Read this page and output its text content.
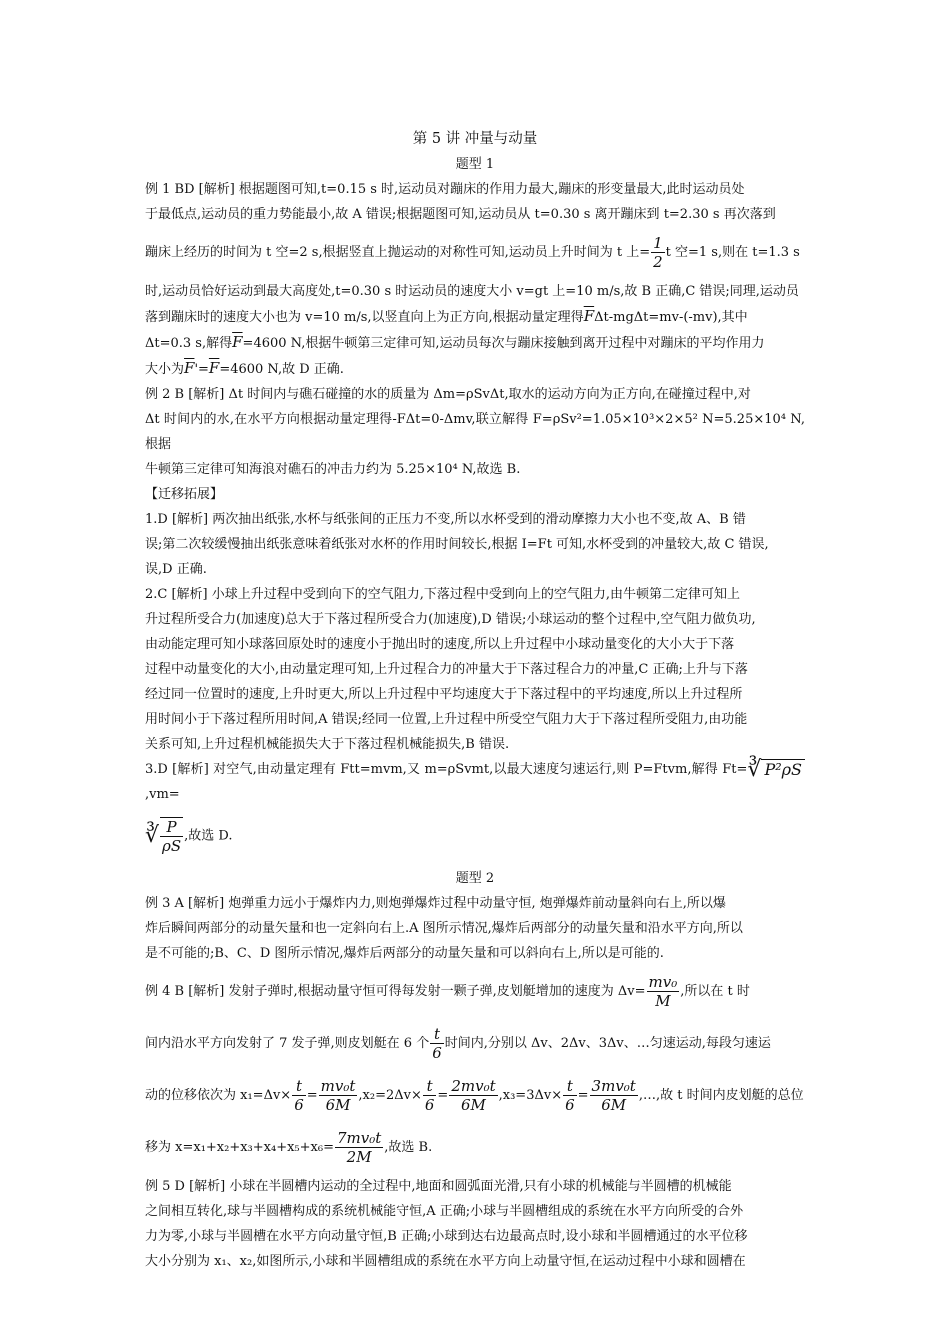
第 5 讲 冲量与动量
题型 1

例 1 BD [解析] 根据题图可知,t=0.15 s 时,运动员对蹦床的作用力最大,蹦床的形变量最大,此时运动员处

于最低点,运动员的重力势能最小,故 A 错误;根据题图可知,运动员从 t=0.30 s 离开蹦床到 t=2.30 s 再次落到

蹦床上经历的时间为 t 空=2 s,根据竖直上抛运动的对称性可知,运动员上升时间为 t 上= $\frac{1}{2}$ t 空=1 s,则在 t=1.3 s

时,运动员恰好运动到最大高度处,t=0.30 s 时运动员的速度大小 v=gt 上=10 m/s,故 B 正确,C 错误;同理,运动员

落到蹦床时的速度大小也为 v=10 m/s,以竖直向上为正方向,根据动量定理得$\overline{F}\Delta t-mg\Delta t=mv-(-mv)$,其中

Δt=0.3 s,解得$\overline{F}=4600$ N,根据牛顿第三定律可知,运动员每次与蹦床接触到离开过程中对蹦床的平均作用力

大小为$\overline{F}'=\overline{F}=4600$ N,故 D 正确.

例 2 B [解析] Δt 时间内与礁石碰撞的水的质量为 Δm=ρSvΔt,取水的运动方向为正方向,在碰撞过程中,对

Δt 时间内的水,在水平方向根据动量定理得-FΔt=0-Δmv,联立解得 F=ρSv²=1.05×10³×2×5² N=5.25×10⁴ N,根据

牛顿第三定律可知海浪对礁石的冲击力约为 5.25×10⁴ N,故选 B.

【迁移拓展】

1.D [解析] 两次抽出纸张,水杯与纸张间的正压力不变,所以水杯受到的滑动摩擦力大小也不变,故 A、B 错

误;第二次较缓慢抽出纸张意味着纸张对水杯的作用时间较长,根据 I=Ft 可知,水杯受到的冲量较大,故 C 错误,

误,D 正确.

2.C [解析] 小球上升过程中受到向下的空气阻力,下落过程中受到向上的空气阻力,由牛顿第二定律可知上

升过程所受合力(加速度)总大于下落过程所受合力(加速度),D 错误;小球运动的整个过程中,空气阻力做负功,

由动能定理可知小球落回原处时的速度小于抛出时的速度,所以上升过程中小球动量变化的大小大于下落

过程中动量变化的大小,由动量定理可知,上升过程合力的冲量大于下落过程合力的冲量,C 正确;上升与下落

经过同一位置时的速度,上升时更大,所以上升过程中平均速度大于下落过程中的平均速度,所以上升过程所

用时间小于下落过程所用时间,A 错误;经同一位置,上升过程中所受空气阻力大于下落过程所受阻力,由功能

关系可知,上升过程机械能损失大于下落过程机械能损失,B 错误.

3.D [解析] 对空气,由动量定理有 Ftt=mvm,又 m=ρSvmt,以最大速度匀速运行,则 P=Ftvm,解得 Ft=∛ P²ρS,vm=

∛ $\frac{P}{\rho S}$ ,故选 D.

题型 2

例 3 A [解析] 炮弹重力远小于爆炸内力,则炮弹爆炸过程中动量守恒, 炮弹爆炸前动量斜向右上,所以爆

炸后瞬间两部分的动量矢量和也一定斜向右上.A 图所示情况,爆炸后两部分的动量矢量和沿水平方向,所以

是不可能的;B、C、D 图所示情况,爆炸后两部分的动量矢量和可以斜向右上,所以是可能的.

例 4 B [解析] 发射子弹时,根据动量守恒可得每发射一颗子弹,皮划艇增加的速度为 $\Delta v= \frac{\text{mv₀}}{M}$ ,所以在 t 时

间内沿水平方向发射了 7 发子弹,则皮划艇在 6 个 $\frac{t}{6}$ 时间内,分别以 Δv、2Δv、3Δv、…匀速运动,每段匀速运

动的位移依次为 $x_1=\Delta v\times \frac{t}{6} = \frac{\text{mv₀t}}{6M} ,x_2=2\Delta v\times \frac{t}{6} = \frac{\text{2mv₀t}}{6M} ,x_3=3\Delta v\times \frac{t}{6} = \frac{\text{3mv₀t}}{6M}$ ,…,故 t 时间内皮划艇的总位

移为 $x=x_1+x_2+x_3+x_4+x_5+x_6= \frac{\text{7mv₀t}}{2M}$ ,故选 B.

例 5 D [解析] 小球在半圆槽内运动的全过程中,地面和圆弧面光滑,只有小球的机械能与半圆槽的机械能

之间相互转化,球与半圆槽构成的系统机械能守恒,A 正确;小球与半圆槽组成的系统在水平方向所受的合外

力为零,小球与半圆槽在水平方向动量守恒,B 正确;小球到达右边最高点时,设小球和半圆槽通过的水平位移

大小分别为 x₁、x₂,如图所示,小球和半圆槽组成的系统在水平方向上动量守恒,在运动过程中小球和圆槽在
